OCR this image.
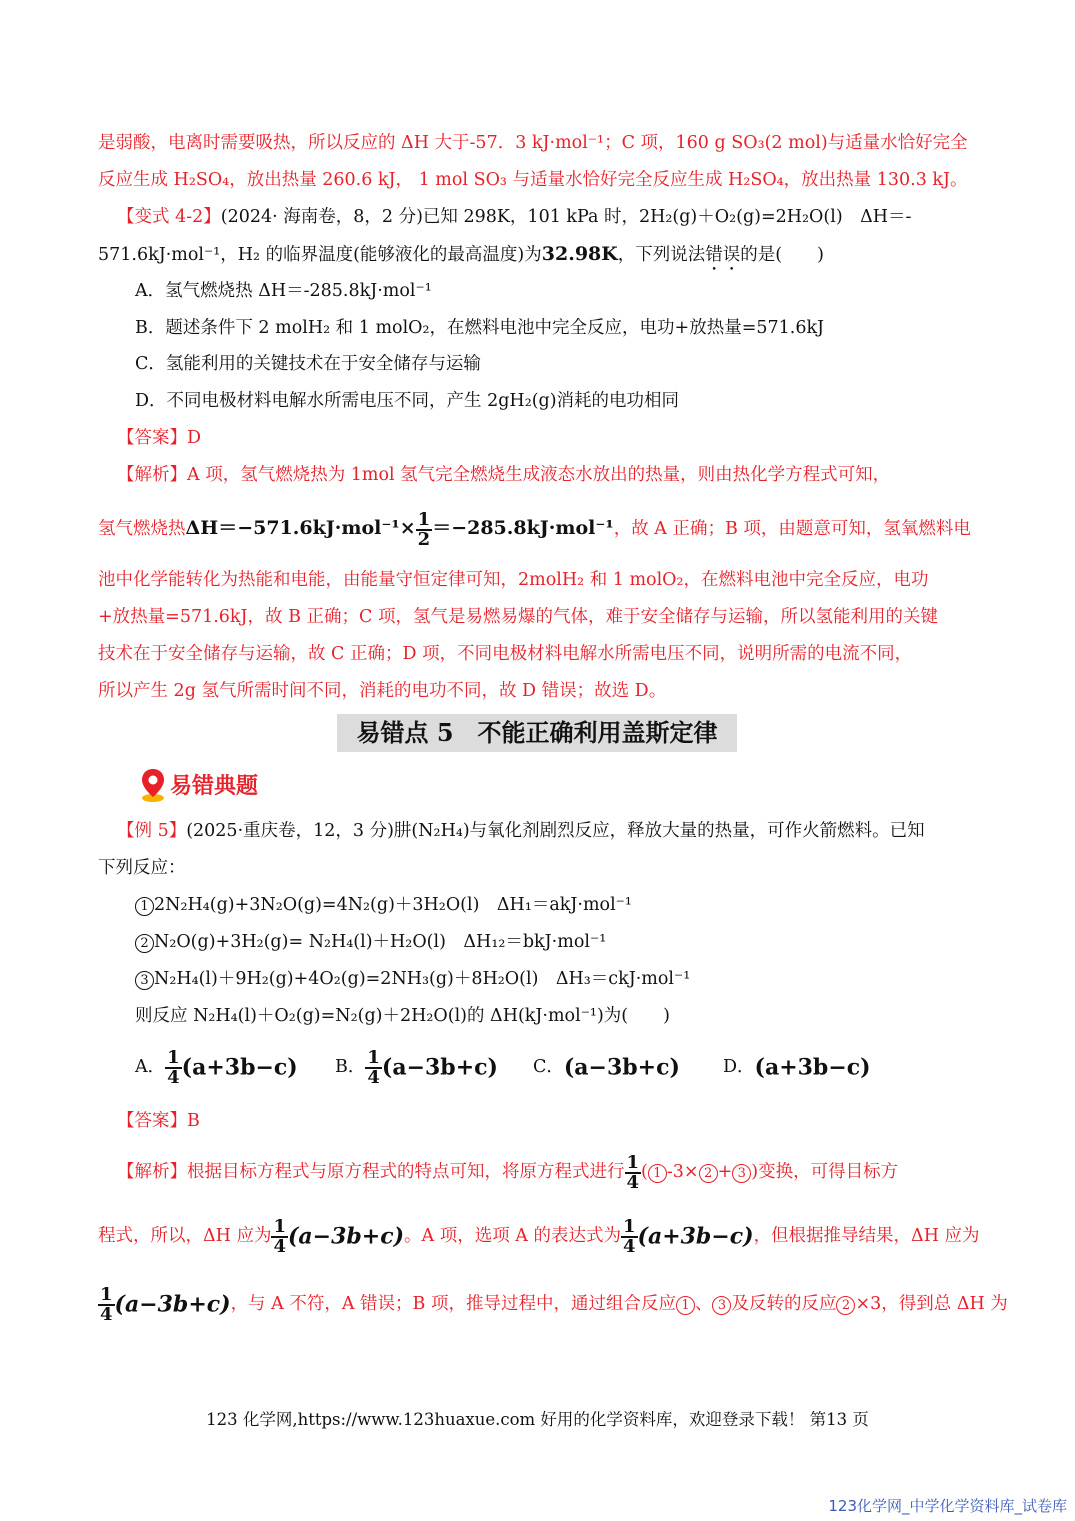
是弱酸，电离时需要吸热，所以反应的 ΔH 大于-57．3 kJ·mol⁻¹；C 项，160 g SO₃(2 mol)与适量水恰好完全
反应生成 H₂SO₄，放出热量 260.6 kJ， 1 mol SO₃ 与适量水恰好完全反应生成 H₂SO₄，放出热量 130.3 kJ。
【变式 4-2】(2024· 海南卷，8，2 分)已知 298K，101 kPa 时，2H₂(g)＋O₂(g)=2H₂O(l)　ΔH＝-
571.6kJ·mol⁻¹，H₂ 的临界温度(能够液化的最高温度)为32.98K，下列说法错误的是(　　)
A．氢气燃烧热 ΔH＝-285.8kJ·mol⁻¹
B．题述条件下 2 molH₂ 和 1 molO₂，在燃料电池中完全反应，电功+放热量=571.6kJ
C．氢能利用的关键技术在于安全储存与运输
D．不同电极材料电解水所需电压不同，产生 2gH₂(g)消耗的电功相同
【答案】D
【解析】A 项，氢气燃烧热为 1mol 氢气完全燃烧生成液态水放出的热量，则由热化学方程式可知，
氢气燃烧热$\Delta H=-571.6kJ\cdot mol^{-1}\times \frac{1}{2} =-285.8kJ\cdot mol^{-1}$，故 A 正确；B 项，由题意可知，氢氧燃料电
池中化学能转化为热能和电能，由能量守恒定律可知，2molH₂ 和 1 molO₂，在燃料电池中完全反应，电功
+放热量=571.6kJ，故 B 正确；C 项，氢气是易燃易爆的气体，难于安全储存与运输，所以氢能利用的关键
技术在于安全储存与运输，故 C 正确；D 项，不同电极材料电解水所需电压不同，说明所需的电流不同，
所以产生 2g 氢气所需时间不同，消耗的电功不同，故 D 错误；故选 D。
易错点 5　不能正确利用盖斯定律
易错典题
【例 5】(2025·重庆卷，12，3 分)肼(N₂H₄)与氧化剂剧烈反应，释放大量的热量，可作火箭燃料。已知
下列反应：
1 2N₂H₄(g)+3N₂O(g)=4N₂(g)＋3H₂O(l)　ΔH₁＝akJ·mol⁻¹
2 N₂O(g)+3H₂(g)= N₂H₄(l)＋H₂O(l)　ΔH₁₂＝bkJ·mol⁻¹
3 N₂H₄(l)＋9H₂(g)+4O₂(g)=2NH₃(g)＋8H₂O(l)　ΔH₃＝ckJ·mol⁻¹
则反应 N₂H₄(l)＋O₂(g)=N₂(g)＋2H₂O(l)的 ΔH(kJ·mol⁻¹)为(　　)
A． $\frac{1}{4} (a+3b-c)$ B． $\frac{1}{4} (a-3b+c)$ C．(a−3b+c) D．(a+3b−c)
【答案】B
【解析】根据目标方程式与原方程式的特点可知，将原方程式进行 $\frac{1}{4}$ ( 1 -3× 2 + 3 )变换，可得目标方
程式，所以，ΔH 应为 $\frac{1}{4} (a-3b+c)$。A 项，选项 A 的表达式为 $\frac{1}{4} (a+3b-c)$，但根据推导结果，ΔH 应为
$\frac{1}{4} (a-3b+c)$，与 A 不符，A 错误；B 项，推导过程中，通过组合反应 1 、 3 及反转的反应 2 ×3，得到总 ΔH 为
123 化学网,https://www.123huaxue.com 好用的化学资料库，欢迎登录下载！ 第13 页
123化学网_中学化学资料库_试卷库
